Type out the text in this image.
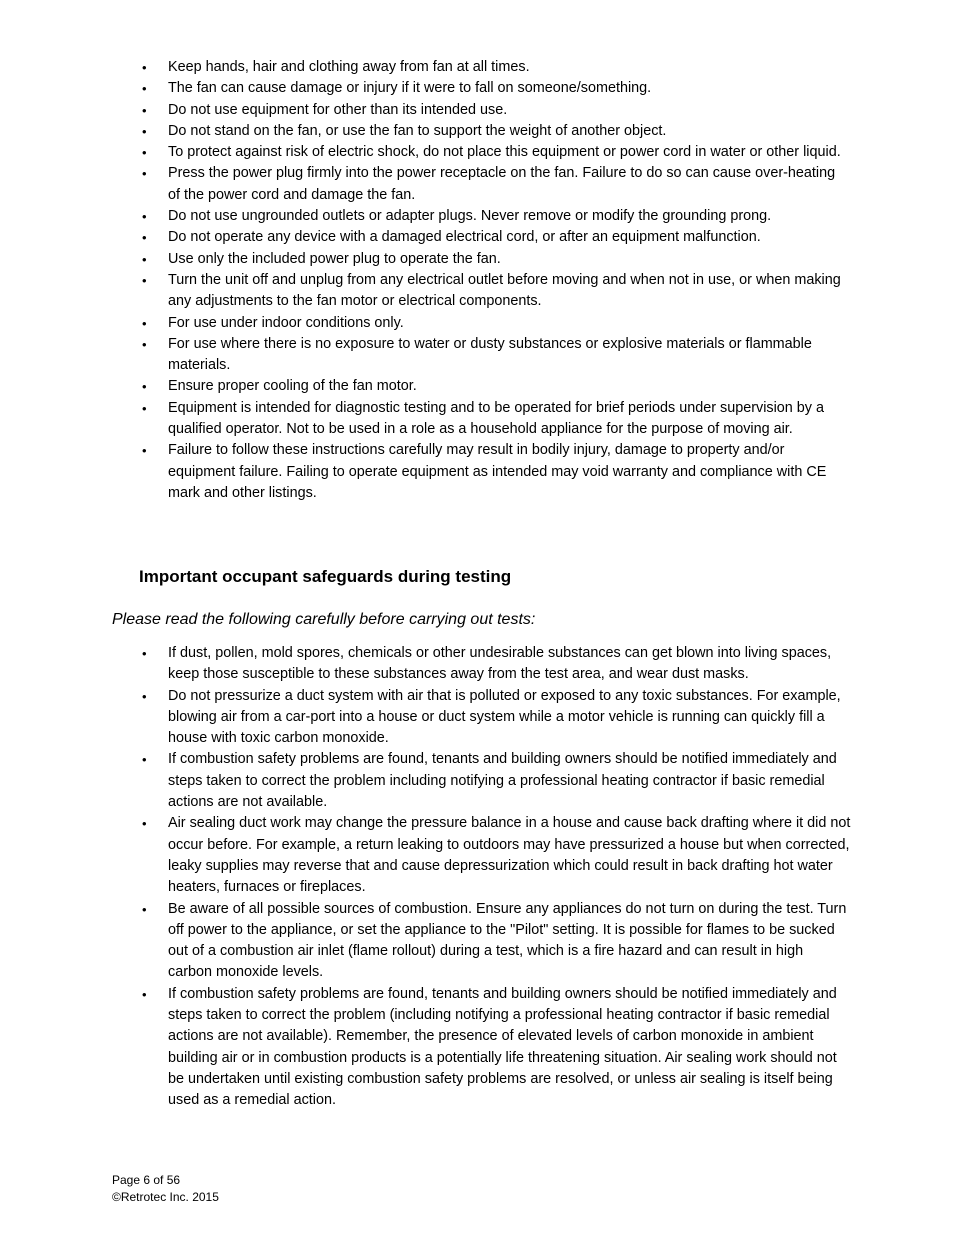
• Keep hands, hair and clothing away from fan at all times.
• The fan can cause damage or injury if it were to fall on someone/something.
• Do not use equipment for other than its intended use.
• Do not stand on the fan, or use the fan to support the weight of another object.
• To protect against risk of electric shock, do not place this equipment or power cord in water or other liquid.
• Press the power plug firmly into the power receptacle on the fan. Failure to do so can cause over-heating of the power cord and damage the fan.
• Do not use ungrounded outlets or adapter plugs. Never remove or modify the grounding prong.
• Do not operate any device with a damaged electrical cord, or after an equipment malfunction.
• Use only the included power plug to operate the fan.
• Turn the unit off and unplug from any electrical outlet before moving and when not in use, or when making any adjustments to the fan motor or electrical components.
• For use under indoor conditions only.
• For use where there is no exposure to water or dusty substances or explosive materials or flammable materials.
• Ensure proper cooling of the fan motor.
• Equipment is intended for diagnostic testing and to be operated for brief periods under supervision by a qualified operator. Not to be used in a role as a household appliance for the purpose of moving air.
• Failure to follow these instructions carefully may result in bodily injury, damage to property and/or equipment failure. Failing to operate equipment as intended may void warranty and compliance with CE mark and other listings.
Important occupant safeguards during testing

Please read the following carefully before carrying out tests:

• If dust, pollen, mold spores, chemicals or other undesirable substances can get blown into living spaces, keep those susceptible to these substances away from the test area, and wear dust masks.
• Do not pressurize a duct system with air that is polluted or exposed to any toxic substances. For example, blowing air from a car-port into a house or duct system while a motor vehicle is running can quickly fill a house with toxic carbon monoxide.
• If combustion safety problems are found, tenants and building owners should be notified immediately and steps taken to correct the problem including notifying a professional heating contractor if basic remedial actions are not available.
• Air sealing duct work may change the pressure balance in a house and cause back drafting where it did not occur before. For example, a return leaking to outdoors may have pressurized a house but when corrected, leaky supplies may reverse that and cause depressurization which could result in back drafting hot water heaters, furnaces or fireplaces.
• Be aware of all possible sources of combustion. Ensure any appliances do not turn on during the test. Turn off power to the appliance, or set the appliance to the "Pilot" setting. It is possible for flames to be sucked out of a combustion air inlet (flame rollout) during a test, which is a fire hazard and can result in high carbon monoxide levels.
• If combustion safety problems are found, tenants and building owners should be notified immediately and steps taken to correct the problem (including notifying a professional heating contractor if basic remedial actions are not available). Remember, the presence of elevated levels of carbon monoxide in ambient building air or in combustion products is a potentially life threatening situation. Air sealing work should not be undertaken until existing combustion safety problems are resolved, or unless air sealing is itself being used as a remedial action.
Page 6 of 56
©Retrotec Inc. 2015
